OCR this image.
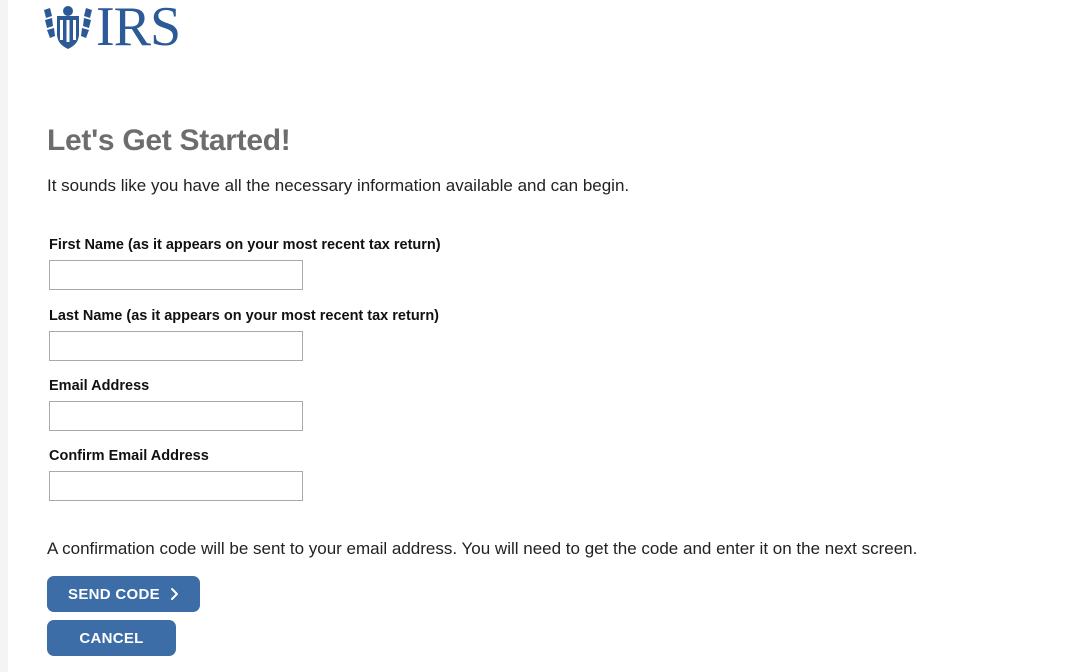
IRS
Let's Get Started!

It sounds like you have all the necessary information available and can begin.

First Name (as it appears on your most recent tax return)
Last Name (as it appears on your most recent tax return)
Email Address
Confirm Email Address

A confirmation code will be sent to your email address. You will need to get the code and enter it on the next screen.

SEND CODE
CANCEL
